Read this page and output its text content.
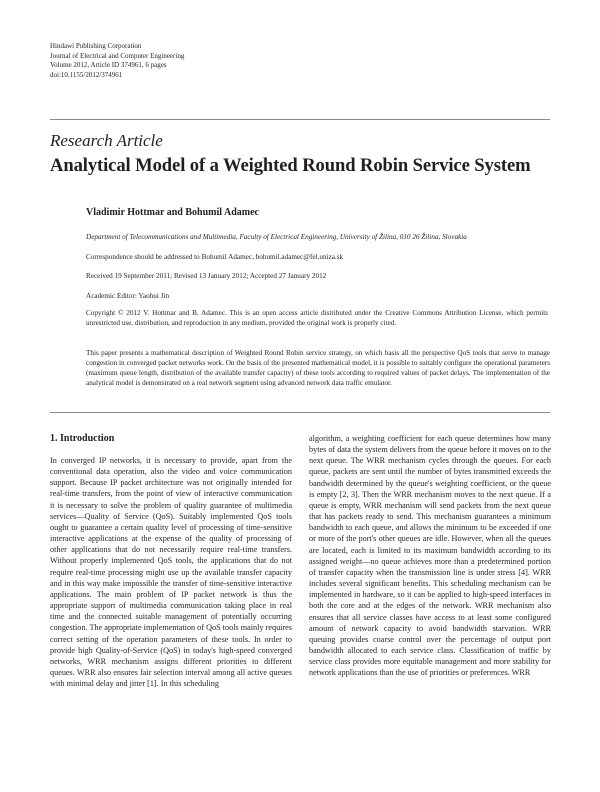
Hindawi Publishing Corporation
Journal of Electrical and Computer Engineering
Volume 2012, Article ID 374961, 6 pages
doi:10.1155/2012/374961
Research Article
Analytical Model of a Weighted Round Robin Service System
Vladimir Hottmar and Bohumil Adamec
Department of Telecommunications and Multimedia, Faculty of Electrical Engineering, University of Žilina, 010 26 Žilina, Slovakia
Correspondence should be addressed to Bohumil Adamec, bohumil.adamec@fel.uniza.sk
Received 19 September 2011; Revised 13 January 2012; Accepted 27 January 2012
Academic Editor: Yaohui Jin
Copyright © 2012 V. Hottmar and B. Adamec. This is an open access article distributed under the Creative Commons Attribution License, which permits unrestricted use, distribution, and reproduction in any medium, provided the original work is properly cited.
This paper presents a mathematical description of Weighted Round Robin service strategy, on which basis all the perspective QoS tools that serve to manage congestion in converged packet networks work. On the basis of the presented mathematical model, it is possible to suitably configure the operational parameters (maximum queue length, distribution of the available transfer capacity) of these tools according to required values of packet delays. The implementation of the analytical model is demonstrated on a real network segment using advanced network data traffic emulator.
1. Introduction

In converged IP networks, it is necessary to provide, apart from the conventional data operation, also the video and voice communication support. Because IP packet architecture was not originally intended for real-time transfers, from the point of view of interactive communication it is necessary to solve the problem of quality guarantee of multimedia services—Quality of Service (QoS). Suitably implemented QoS tools ought to guarantee a certain quality level of processing of time-sensitive interactive applications at the expense of the quality of processing of other applications that do not necessarily require real-time transfers. Without properly implemented QoS tools, the applications that do not require real-time processing might use up the available transfer capacity and in this way make impossible the transfer of time-sensitive interactive applications. The main problem of IP packet network is thus the appropriate support of multimedia communication taking place in real time and the connected suitable management of potentially occurring congestion. The appropriate implementation of QoS tools mainly requires correct setting of the operation parameters of these tools. In order to provide high Quality-of-Service (QoS) in today's high-speed converged networks, WRR mechanism assigns different priorities to different queues. WRR also ensures fair selection interval among all active queues with minimal delay and jitter [1]. In this scheduling

algorithm, a weighting coefficient for each queue determines how many bytes of data the system delivers from the queue before it moves on to the next queue. The WRR mechanism cycles through the queues. For each queue, packets are sent until the number of bytes transmitted exceeds the bandwidth determined by the queue's weighting coefficient, or the queue is empty [2, 3]. Then the WRR mechanism moves to the next queue. If a queue is empty, WRR mechanism will send packets from the next queue that has packets ready to send. This mechanism guarantees a minimum bandwidth to each queue, and allows the minimum to be exceeded if one or more of the port's other queues are idle. However, when all the queues are located, each is limited to its maximum bandwidth according to its assigned weight—no queue achieves more than a predetermined portion of transfer capacity when the transmission line is under stress [4]. WRR includes several significant benefits. This scheduling mechanism can be implemented in hardware, so it can be applied to high-speed interfaces in both the core and at the edges of the network. WRR mechanism also ensures that all service classes have access to at least some configured amount of network capacity to avoid bandwidth starvation. WRR queuing provides coarse control over the percentage of output port bandwidth allocated to each service class. Classification of traffic by service class provides more equitable management and more stability for network applications than the use of priorities or preferences. WRR
